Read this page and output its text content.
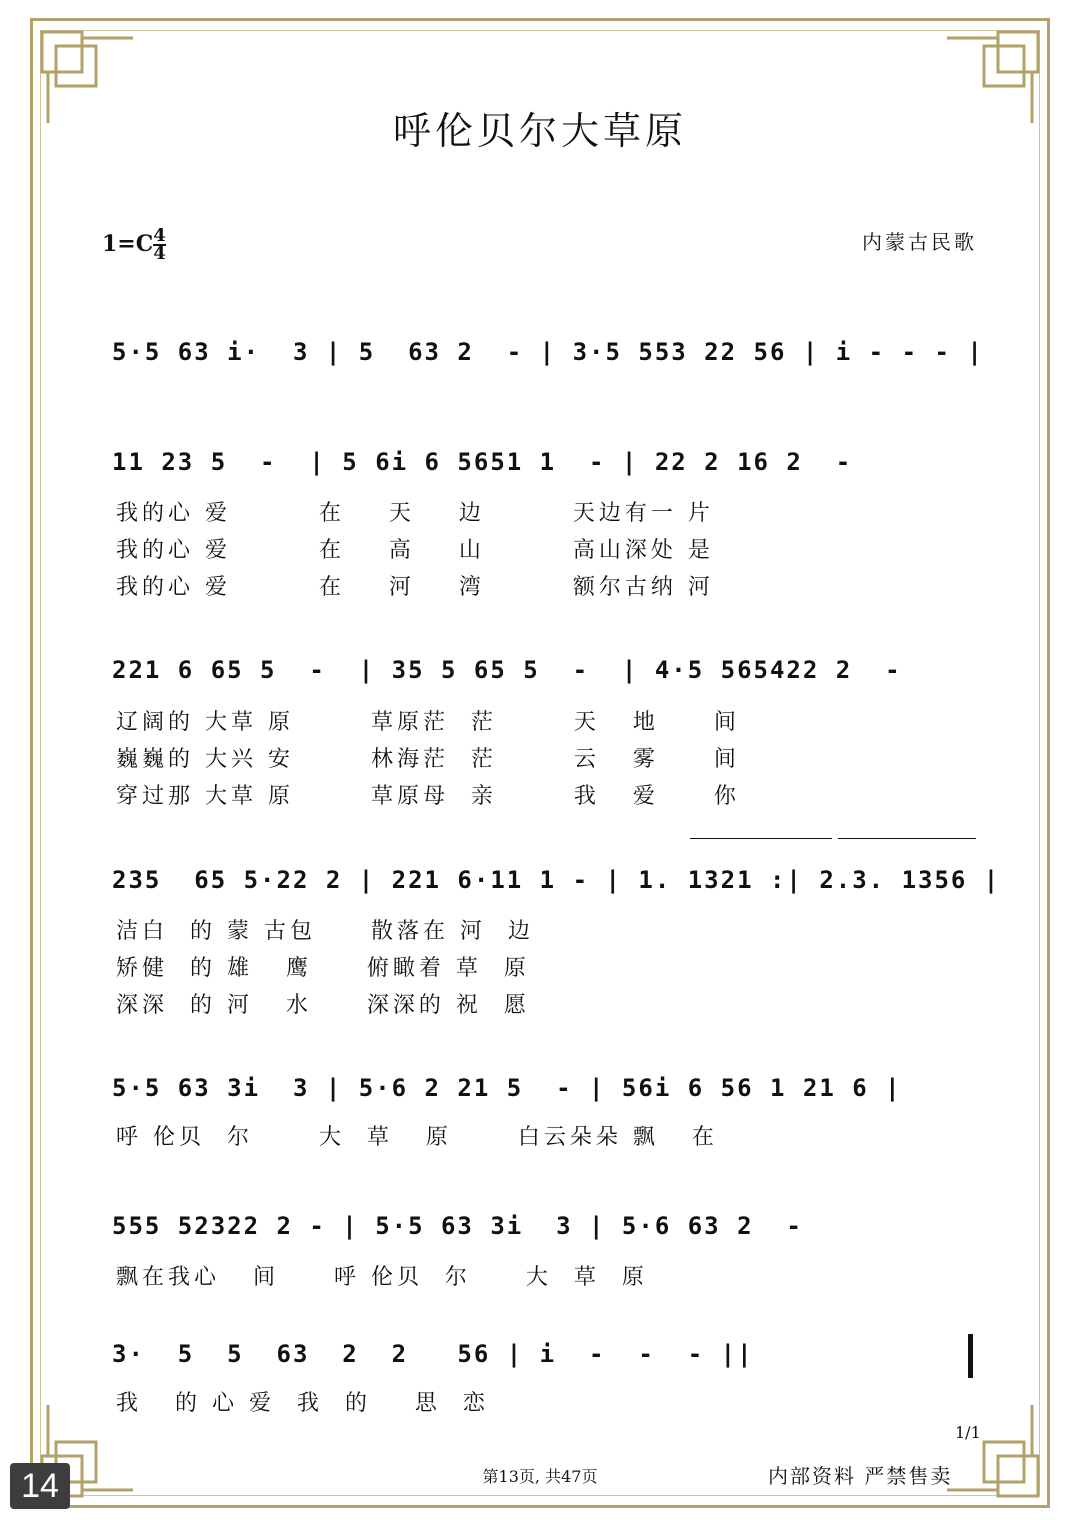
呼伦贝尔大草原
$1=C \frac{4}{4}$	内蒙古民歌
5·5 63 i·  3 | 5  63 2  - | 3·5 553 22 56 | i - - - |
11 23 5  -  | 5 6i 6 5651 1  - | 22 2 16 2  -
221 6 65 5  -  | 35 5 65 5  -  | 4·5 565422 2  -
235  65 5·22 2 | 221 6·11 1 - | 1. 1321 :| 2.3. 1356 |
5·5 63 3i  3 | 5·6 2 21 5  - | 56i 6 56 1 21 6 |
555 52322 2 - | 5·5 63 3i  3 | 5·6 63 2  -
3·  5  5  63  2  2   56 | i  -  -  - ||
我的心 爱        在    天    边        天边有一 片
我的心 爱        在    高    山        高山深处 是
我的心 爱        在    河    湾        额尔古纳 河
辽阔的 大草 原       草原茫  茫       天   地     间
巍巍的 大兴 安       林海茫  茫       云   雾     间
穿过那 大草 原       草原母  亲       我   爱     你
洁白  的 蒙 古包     散落在 河  边
矫健  的 雄   鹰     俯瞰着 草  原
深深  的 河   水     深深的 祝  愿
呼 伦贝  尔      大  草   原      白云朵朵 飘   在
飘在我心   间     呼 伦贝  尔     大  草  原
我   的 心 爱  我  的    思  恋
1/1
第13页, 共47页	内部资料 严禁售卖
14
